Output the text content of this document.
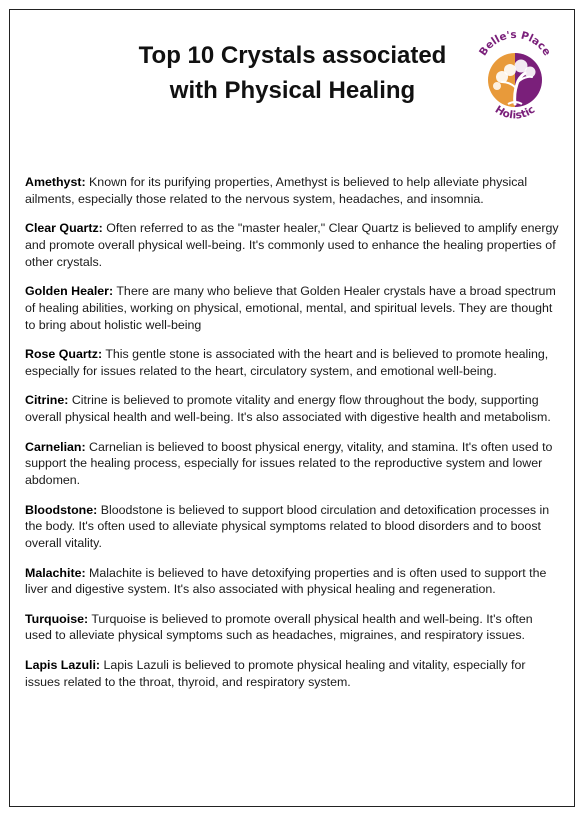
Top 10 Crystals associated
with Physical Healing
Belle's Place
Holistic

Amethyst: Known for its purifying properties, Amethyst is believed to help alleviate physical ailments, especially those related to the nervous system, headaches, and insomnia.

Clear Quartz: Often referred to as the "master healer," Clear Quartz is believed to amplify energy and promote overall physical well-being. It's commonly used to enhance the healing properties of other crystals.

Golden Healer: There are many who believe that Golden Healer crystals have a broad spectrum of healing abilities, working on physical, emotional, mental, and spiritual levels. They are thought to bring about holistic well-being

Rose Quartz: This gentle stone is associated with the heart and is believed to promote healing, especially for issues related to the heart, circulatory system, and emotional well-being.

Citrine: Citrine is believed to promote vitality and energy flow throughout the body, supporting overall physical health and well-being. It's also associated with digestive health and metabolism.

Carnelian: Carnelian is believed to boost physical energy, vitality, and stamina. It's often used to support the healing process, especially for issues related to the reproductive system and lower abdomen.

Bloodstone: Bloodstone is believed to support blood circulation and detoxification processes in the body. It's often used to alleviate physical symptoms related to blood disorders and to boost overall vitality.

Malachite: Malachite is believed to have detoxifying properties and is often used to support the liver and digestive system. It's also associated with physical healing and regeneration.

Turquoise: Turquoise is believed to promote overall physical health and well-being. It's often used to alleviate physical symptoms such as headaches, migraines, and respiratory issues.

Lapis Lazuli: Lapis Lazuli is believed to promote physical healing and vitality, especially for issues related to the throat, thyroid, and respiratory system.
